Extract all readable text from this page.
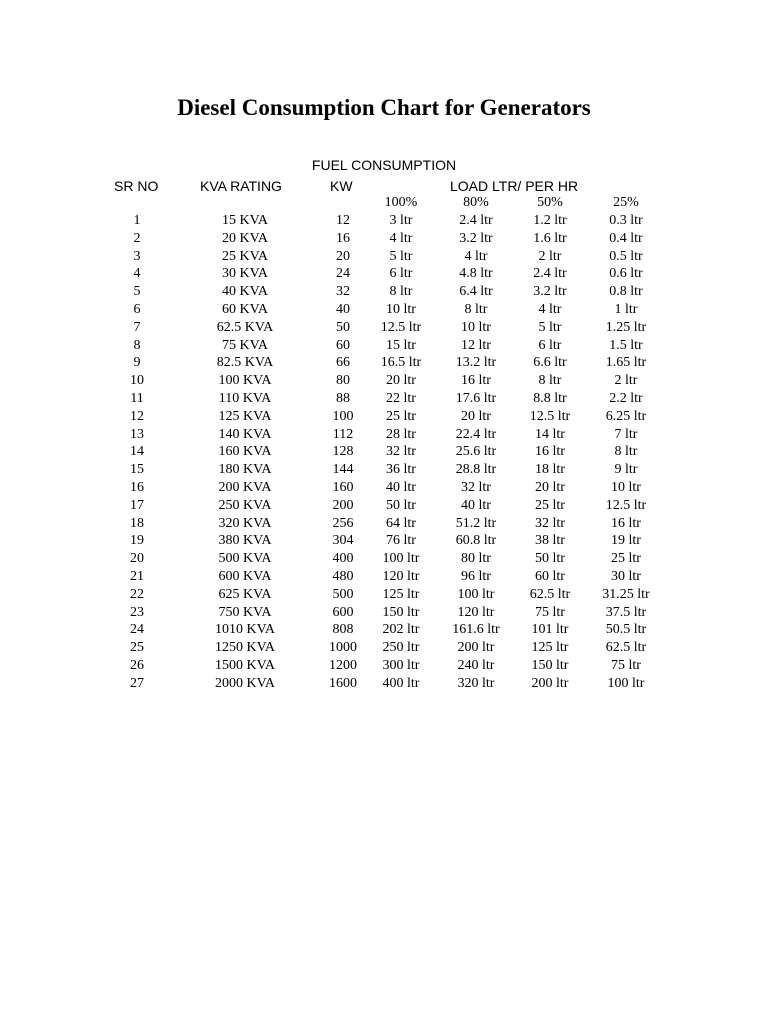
Diesel Consumption Chart for Generators
FUEL CONSUMPTION
SR NO	KVA RATING	KW	LOAD LTR/ PER HR
100%	80%	50%	25%
1	15 KVA	12	3 ltr	2.4 ltr	1.2 ltr	0.3 ltr
2	20 KVA	16	4 ltr	3.2 ltr	1.6 ltr	0.4 ltr
3	25 KVA	20	5 ltr	4 ltr	2 ltr	0.5 ltr
4	30 KVA	24	6 ltr	4.8 ltr	2.4 ltr	0.6 ltr
5	40 KVA	32	8 ltr	6.4 ltr	3.2 ltr	0.8 ltr
6	60 KVA	40	10 ltr	8 ltr	4 ltr	1 ltr
7	62.5 KVA	50	12.5 ltr	10 ltr	5 ltr	1.25 ltr
8	75 KVA	60	15 ltr	12 ltr	6 ltr	1.5 ltr
9	82.5 KVA	66	16.5 ltr	13.2 ltr	6.6 ltr	1.65 ltr
10	100 KVA	80	20 ltr	16 ltr	8 ltr	2 ltr
11	110 KVA	88	22 ltr	17.6 ltr	8.8 ltr	2.2 ltr
12	125 KVA	100	25 ltr	20 ltr	12.5 ltr	6.25 ltr
13	140 KVA	112	28 ltr	22.4 ltr	14 ltr	7 ltr
14	160 KVA	128	32 ltr	25.6 ltr	16 ltr	8 ltr
15	180 KVA	144	36 ltr	28.8 ltr	18 ltr	9 ltr
16	200 KVA	160	40 ltr	32 ltr	20 ltr	10 ltr
17	250 KVA	200	50 ltr	40 ltr	25 ltr	12.5 ltr
18	320 KVA	256	64 ltr	51.2 ltr	32 ltr	16 ltr
19	380 KVA	304	76 ltr	60.8 ltr	38 ltr	19 ltr
20	500 KVA	400	100 ltr	80 ltr	50 ltr	25 ltr
21	600 KVA	480	120 ltr	96 ltr	60 ltr	30 ltr
22	625 KVA	500	125 ltr	100 ltr	62.5 ltr	31.25 ltr
23	750 KVA	600	150 ltr	120 ltr	75 ltr	37.5 ltr
24	1010 KVA	808	202 ltr	161.6 ltr	101 ltr	50.5 ltr
25	1250 KVA	1000	250 ltr	200 ltr	125 ltr	62.5 ltr
26	1500 KVA	1200	300 ltr	240 ltr	150 ltr	75 ltr
27	2000 KVA	1600	400 ltr	320 ltr	200 ltr	100 ltr
